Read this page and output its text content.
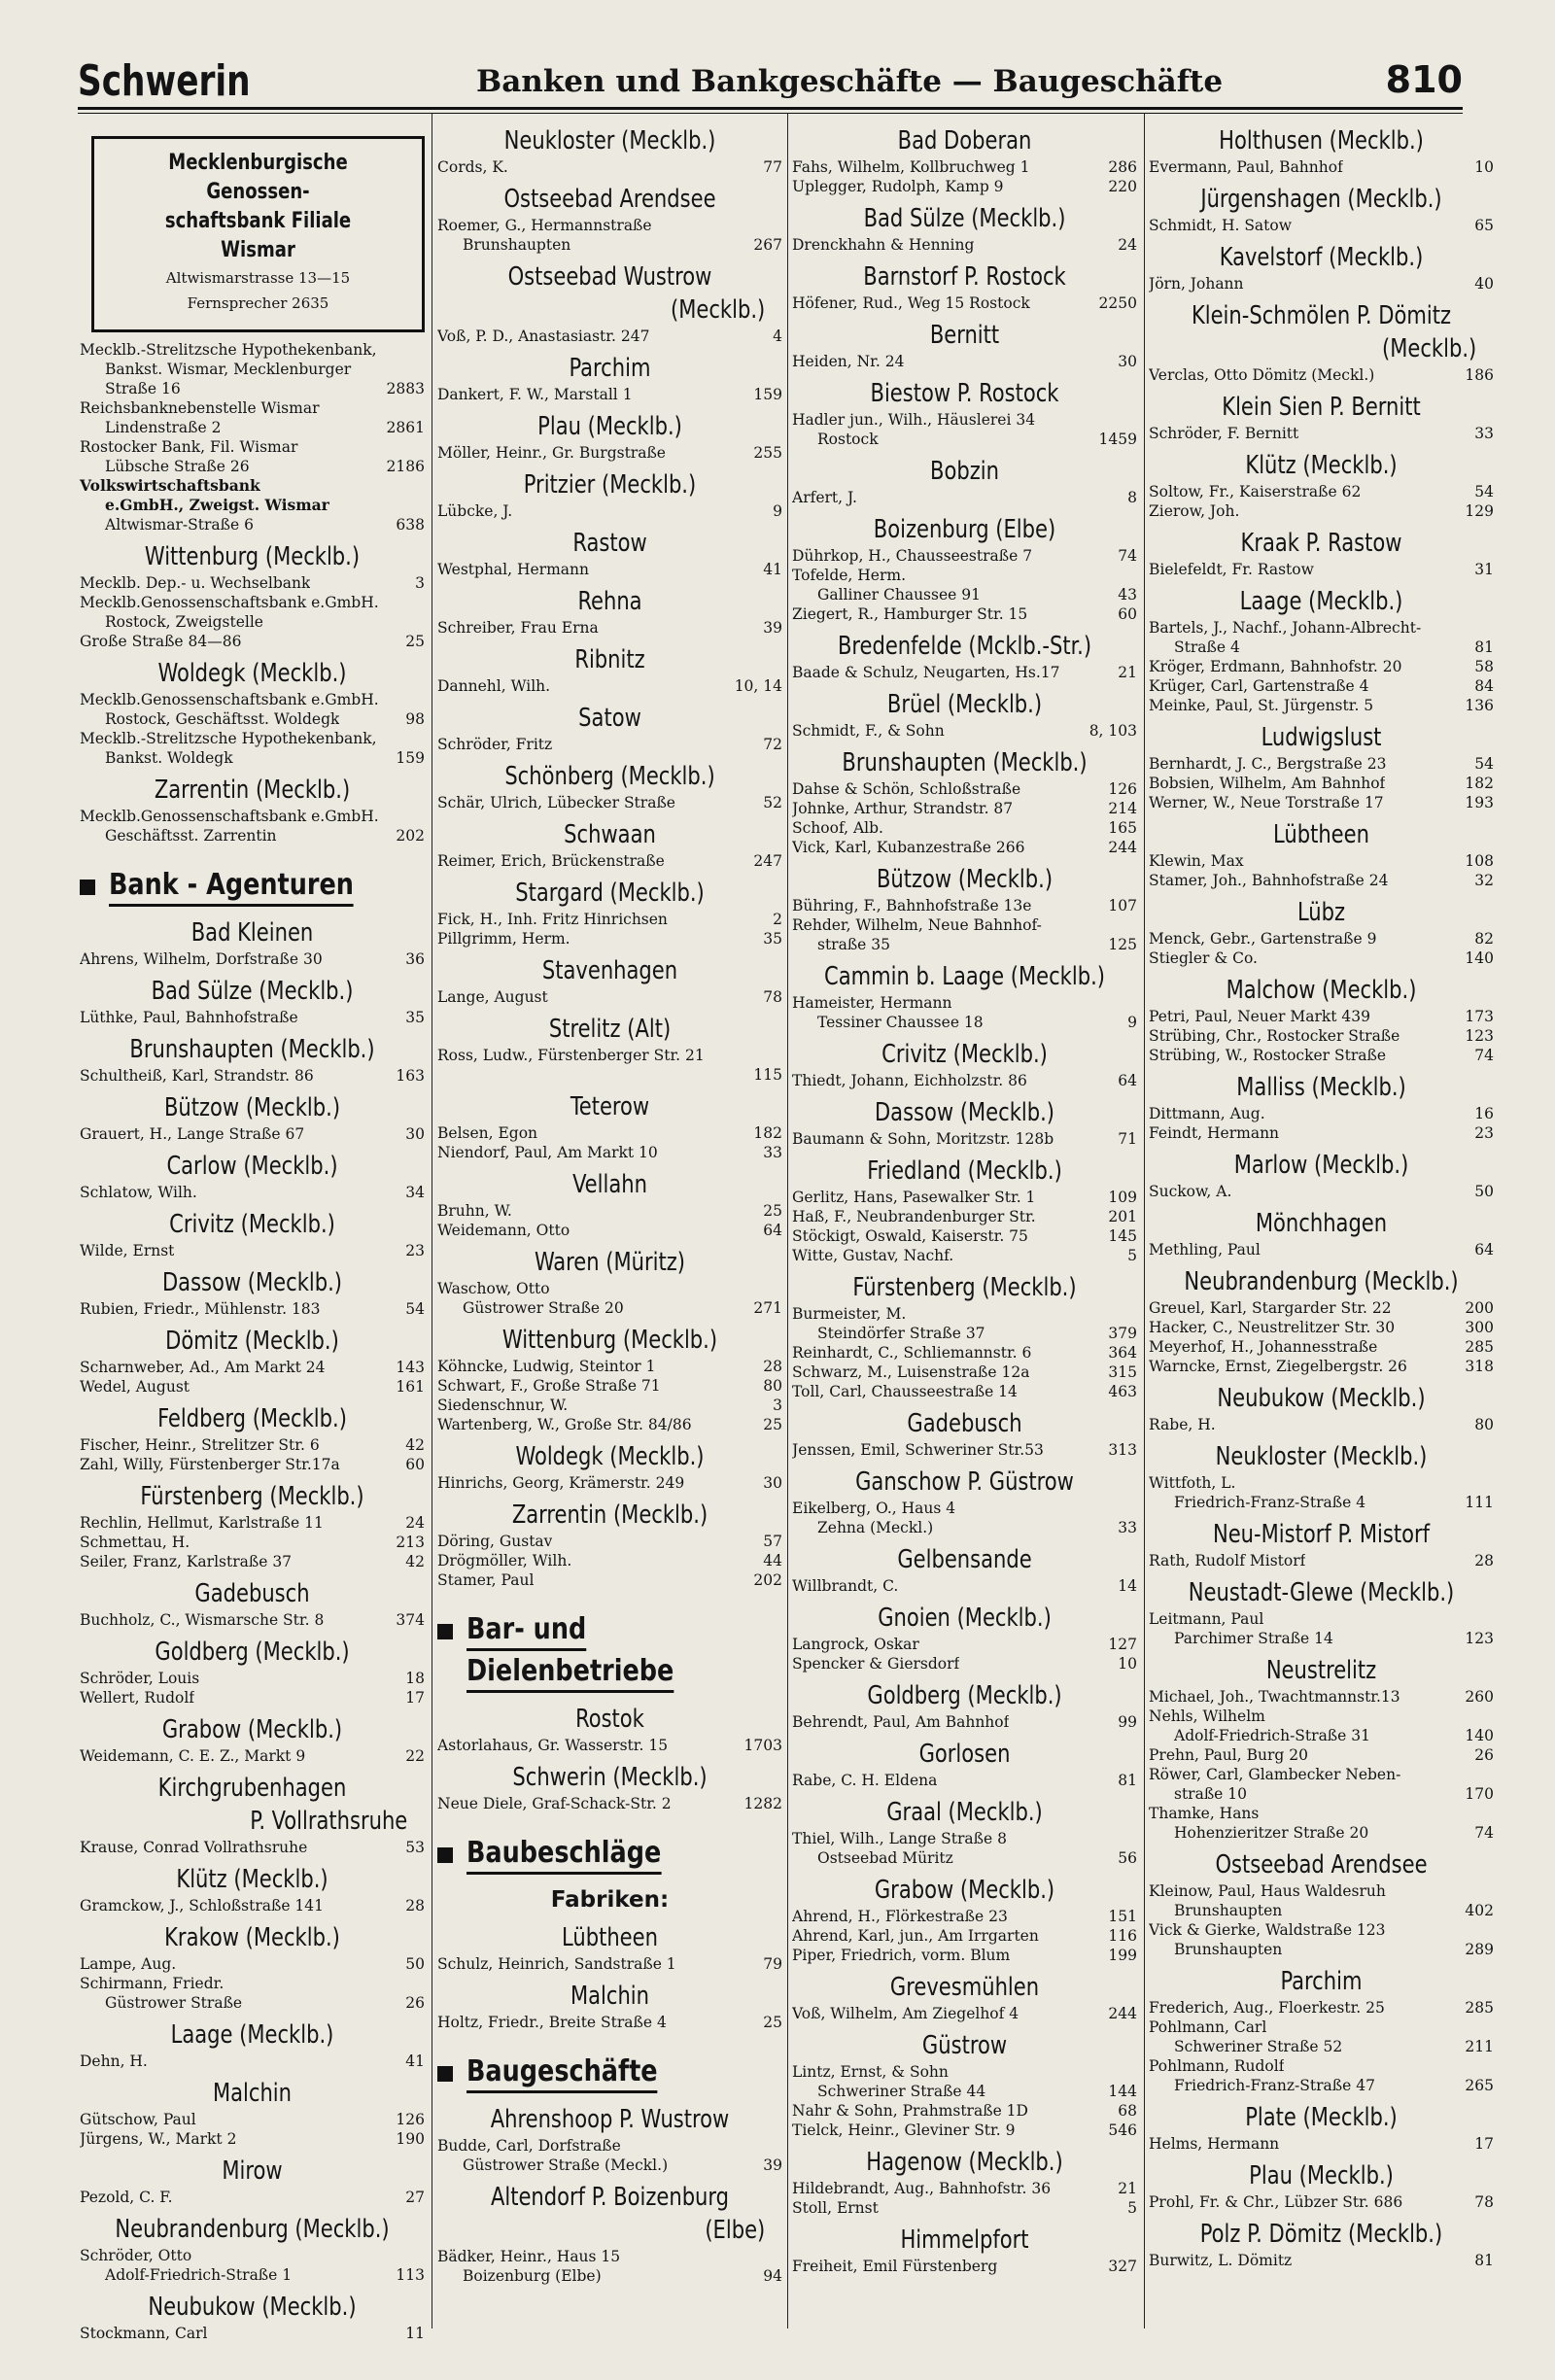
Schwerin	Banken und Bankgeschäfte — Baugeschäfte	810
Mecklenburgische Genossen-
schaftsbank Filiale Wismar
Altwismarstrasse 13—15
Fernsprecher 2635
Mecklb.-Strelitzsche Hypothekenbank,
Bankst. Wismar, Mecklenburger
Straße 16	2883
Reichsbanknebenstelle Wismar
Lindenstraße 2	2861
Rostocker Bank, Fil. Wismar
Lübsche Straße 26	2186
Volkswirtschaftsbank
e.GmbH., Zweigst. Wismar
Altwismar-Straße 6	638
Wittenburg (Mecklb.)
Mecklb. Dep.- u. Wechselbank	3
Mecklb.Genossenschaftsbank e.GmbH.
Rostock, Zweigstelle
Große Straße 84—86	25
Woldegk (Mecklb.)
Mecklb.Genossenschaftsbank e.GmbH.
Rostock, Geschäftsst. Woldegk	98
Mecklb.-Strelitzsche Hypothekenbank,
Bankst. Woldegk	159
Zarrentin (Mecklb.)
Mecklb.Genossenschaftsbank e.GmbH.
Geschäftsst. Zarrentin	202
Bank - Agenturen
Bad Kleinen
Ahrens, Wilhelm, Dorfstraße 30	36
Bad Sülze (Mecklb.)
Lüthke, Paul, Bahnhofstraße	35
Brunshaupten (Mecklb.)
Schultheiß, Karl, Strandstr. 86	163
Bützow (Mecklb.)
Grauert, H., Lange Straße 67	30
Carlow (Mecklb.)
Schlatow, Wilh.	34
Crivitz (Mecklb.)
Wilde, Ernst	23
Dassow (Mecklb.)
Rubien, Friedr., Mühlenstr. 183	54
Dömitz (Mecklb.)
Scharnweber, Ad., Am Markt 24	143
Wedel, August	161
Feldberg (Mecklb.)
Fischer, Heinr., Strelitzer Str. 6	42
Zahl, Willy, Fürstenberger Str.17a	60
Fürstenberg (Mecklb.)
Rechlin, Hellmut, Karlstraße 11	24
Schmettau, H.	213
Seiler, Franz, Karlstraße 37	42
Gadebusch
Buchholz, C., Wismarsche Str. 8	374
Goldberg (Mecklb.)
Schröder, Louis	18
Wellert, Rudolf	17
Grabow (Mecklb.)
Weidemann, C. E. Z., Markt 9	22
Kirchgrubenhagen
P. Vollrathsruhe
Krause, Conrad Vollrathsruhe	53
Klütz (Mecklb.)
Gramckow, J., Schloßstraße 141	28
Krakow (Mecklb.)
Lampe, Aug.	50
Schirmann, Friedr.
Güstrower Straße	26
Laage (Mecklb.)
Dehn, H.	41
Malchin
Gütschow, Paul	126
Jürgens, W., Markt 2	190
Mirow
Pezold, C. F.	27
Neubrandenburg (Mecklb.)
Schröder, Otto
Adolf-Friedrich-Straße 1	113
Neubukow (Mecklb.)
Stockmann, Carl	11
Neukloster (Mecklb.)
Cords, K.	77
Ostseebad Arendsee
Roemer, G., Hermannstraße
Brunshaupten	267
Ostseebad Wustrow
(Mecklb.)
Voß, P. D., Anastasiastr. 247	4
Parchim
Dankert, F. W., Marstall 1	159
Plau (Mecklb.)
Möller, Heinr., Gr. Burgstraße	255
Pritzier (Mecklb.)
Lübcke, J.	9
Rastow
Westphal, Hermann	41
Rehna
Schreiber, Frau Erna	39
Ribnitz
Dannehl, Wilh.	10, 14
Satow
Schröder, Fritz	72
Schönberg (Mecklb.)
Schär, Ulrich, Lübecker Straße	52
Schwaan
Reimer, Erich, Brückenstraße	247
Stargard (Mecklb.)
Fick, H., Inh. Fritz Hinrichsen	2
Pillgrimm, Herm.	35
Stavenhagen
Lange, August	78
Strelitz (Alt)
Ross, Ludw., Fürstenberger Str. 21
115
Teterow
Belsen, Egon	182
Niendorf, Paul, Am Markt 10	33
Vellahn
Bruhn, W.	25
Weidemann, Otto	64
Waren (Müritz)
Waschow, Otto
Güstrower Straße 20	271
Wittenburg (Mecklb.)
Köhncke, Ludwig, Steintor 1	28
Schwart, F., Große Straße 71	80
Siedenschnur, W.	3
Wartenberg, W., Große Str. 84/86	25
Woldegk (Mecklb.)
Hinrichs, Georg, Krämerstr. 249	30
Zarrentin (Mecklb.)
Döring, Gustav	57
Drögmöller, Wilh.	44
Stamer, Paul	202
Bar- und
Dielenbetriebe
Rostok
Astorlahaus, Gr. Wasserstr. 15	1703
Schwerin (Mecklb.)
Neue Diele, Graf-Schack-Str. 2	1282
Baubeschläge
Fabriken:
Lübtheen
Schulz, Heinrich, Sandstraße 1	79
Malchin
Holtz, Friedr., Breite Straße 4	25
Baugeschäfte
Ahrenshoop P. Wustrow
Budde, Carl, Dorfstraße
Güstrower Straße (Meckl.)	39
Altendorf P. Boizenburg
(Elbe)
Bädker, Heinr., Haus 15
Boizenburg (Elbe)	94
Bad Doberan
Fahs, Wilhelm, Kollbruchweg 1	286
Uplegger, Rudolph, Kamp 9	220
Bad Sülze (Mecklb.)
Drenckhahn & Henning	24
Barnstorf P. Rostock
Höfener, Rud., Weg 15 Rostock	2250
Bernitt
Heiden, Nr. 24	30
Biestow P. Rostock
Hadler jun., Wilh., Häuslerei 34
Rostock	1459
Bobzin
Arfert, J.	8
Boizenburg (Elbe)
Dührkop, H., Chausseestraße 7	74
Tofelde, Herm.
Galliner Chaussee 91	43
Ziegert, R., Hamburger Str. 15	60
Bredenfelde (Mcklb.-Str.)
Baade & Schulz, Neugarten, Hs.17	21
Brüel (Mecklb.)
Schmidt, F., & Sohn	8, 103
Brunshaupten (Mecklb.)
Dahse & Schön, Schloßstraße	126
Johnke, Arthur, Strandstr. 87	214
Schoof, Alb.	165
Vick, Karl, Kubanzestraße 266	244
Bützow (Mecklb.)
Bühring, F., Bahnhofstraße 13e	107
Rehder, Wilhelm, Neue Bahnhof-
straße 35	125
Cammin b. Laage (Mecklb.)
Hameister, Hermann
Tessiner Chaussee 18	9
Crivitz (Mecklb.)
Thiedt, Johann, Eichholzstr. 86	64
Dassow (Mecklb.)
Baumann & Sohn, Moritzstr. 128b	71
Friedland (Mecklb.)
Gerlitz, Hans, Pasewalker Str. 1	109
Haß, F., Neubrandenburger Str.	201
Stöckigt, Oswald, Kaiserstr. 75	145
Witte, Gustav, Nachf.	5
Fürstenberg (Mecklb.)
Burmeister, M.
Steindörfer Straße 37	379
Reinhardt, C., Schliemannstr. 6	364
Schwarz, M., Luisenstraße 12a	315
Toll, Carl, Chausseestraße 14	463
Gadebusch
Jenssen, Emil, Schweriner Str.53	313
Ganschow P. Güstrow
Eikelberg, O., Haus 4
Zehna (Meckl.)	33
Gelbensande
Willbrandt, C.	14
Gnoien (Mecklb.)
Langrock, Oskar	127
Spencker & Giersdorf	10
Goldberg (Mecklb.)
Behrendt, Paul, Am Bahnhof	99
Gorlosen
Rabe, C. H. Eldena	81
Graal (Mecklb.)
Thiel, Wilh., Lange Straße 8
Ostseebad Müritz	56
Grabow (Mecklb.)
Ahrend, H., Flörkestraße 23	151
Ahrend, Karl, jun., Am Irrgarten	116
Piper, Friedrich, vorm. Blum	199
Grevesmühlen
Voß, Wilhelm, Am Ziegelhof 4	244
Güstrow
Lintz, Ernst, & Sohn
Schweriner Straße 44	144
Nahr & Sohn, Prahmstraße 1D	68
Tielck, Heinr., Gleviner Str. 9	546
Hagenow (Mecklb.)
Hildebrandt, Aug., Bahnhofstr. 36	21
Stoll, Ernst	5
Himmelpfort
Freiheit, Emil Fürstenberg	327
Holthusen (Mecklb.)
Evermann, Paul, Bahnhof	10
Jürgenshagen (Mecklb.)
Schmidt, H. Satow	65
Kavelstorf (Mecklb.)
Jörn, Johann	40
Klein-Schmölen P. Dömitz
(Mecklb.)
Verclas, Otto Dömitz (Meckl.)	186
Klein Sien P. Bernitt
Schröder, F. Bernitt	33
Klütz (Mecklb.)
Soltow, Fr., Kaiserstraße 62	54
Zierow, Joh.	129
Kraak P. Rastow
Bielefeldt, Fr. Rastow	31
Laage (Mecklb.)
Bartels, J., Nachf., Johann-Albrecht-
Straße 4	81
Kröger, Erdmann, Bahnhofstr. 20	58
Krüger, Carl, Gartenstraße 4	84
Meinke, Paul, St. Jürgenstr. 5	136
Ludwigslust
Bernhardt, J. C., Bergstraße 23	54
Bobsien, Wilhelm, Am Bahnhof	182
Werner, W., Neue Torstraße 17	193
Lübtheen
Klewin, Max	108
Stamer, Joh., Bahnhofstraße 24	32
Lübz
Menck, Gebr., Gartenstraße 9	82
Stiegler & Co.	140
Malchow (Mecklb.)
Petri, Paul, Neuer Markt 439	173
Strübing, Chr., Rostocker Straße	123
Strübing, W., Rostocker Straße	74
Malliss (Mecklb.)
Dittmann, Aug.	16
Feindt, Hermann	23
Marlow (Mecklb.)
Suckow, A.	50
Mönchhagen
Methling, Paul	64
Neubrandenburg (Mecklb.)
Greuel, Karl, Stargarder Str. 22	200
Hacker, C., Neustrelitzer Str. 30	300
Meyerhof, H., Johannesstraße	285
Warncke, Ernst, Ziegelbergstr. 26	318
Neubukow (Mecklb.)
Rabe, H.	80
Neukloster (Mecklb.)
Wittfoth, L.
Friedrich-Franz-Straße 4	111
Neu-Mistorf P. Mistorf
Rath, Rudolf Mistorf	28
Neustadt-Glewe (Mecklb.)
Leitmann, Paul
Parchimer Straße 14	123
Neustrelitz
Michael, Joh., Twachtmannstr.13	260
Nehls, Wilhelm
Adolf-Friedrich-Straße 31	140
Prehn, Paul, Burg 20	26
Röwer, Carl, Glambecker Neben-
straße 10	170
Thamke, Hans
Hohenzieritzer Straße 20	74
Ostseebad Arendsee
Kleinow, Paul, Haus Waldesruh
Brunshaupten	402
Vick & Gierke, Waldstraße 123
Brunshaupten	289
Parchim
Frederich, Aug., Floerkestr. 25	285
Pohlmann, Carl
Schweriner Straße 52	211
Pohlmann, Rudolf
Friedrich-Franz-Straße 47	265
Plate (Mecklb.)
Helms, Hermann	17
Plau (Mecklb.)
Prohl, Fr. & Chr., Lübzer Str. 686	78
Polz P. Dömitz (Mecklb.)
Burwitz, L. Dömitz	81
